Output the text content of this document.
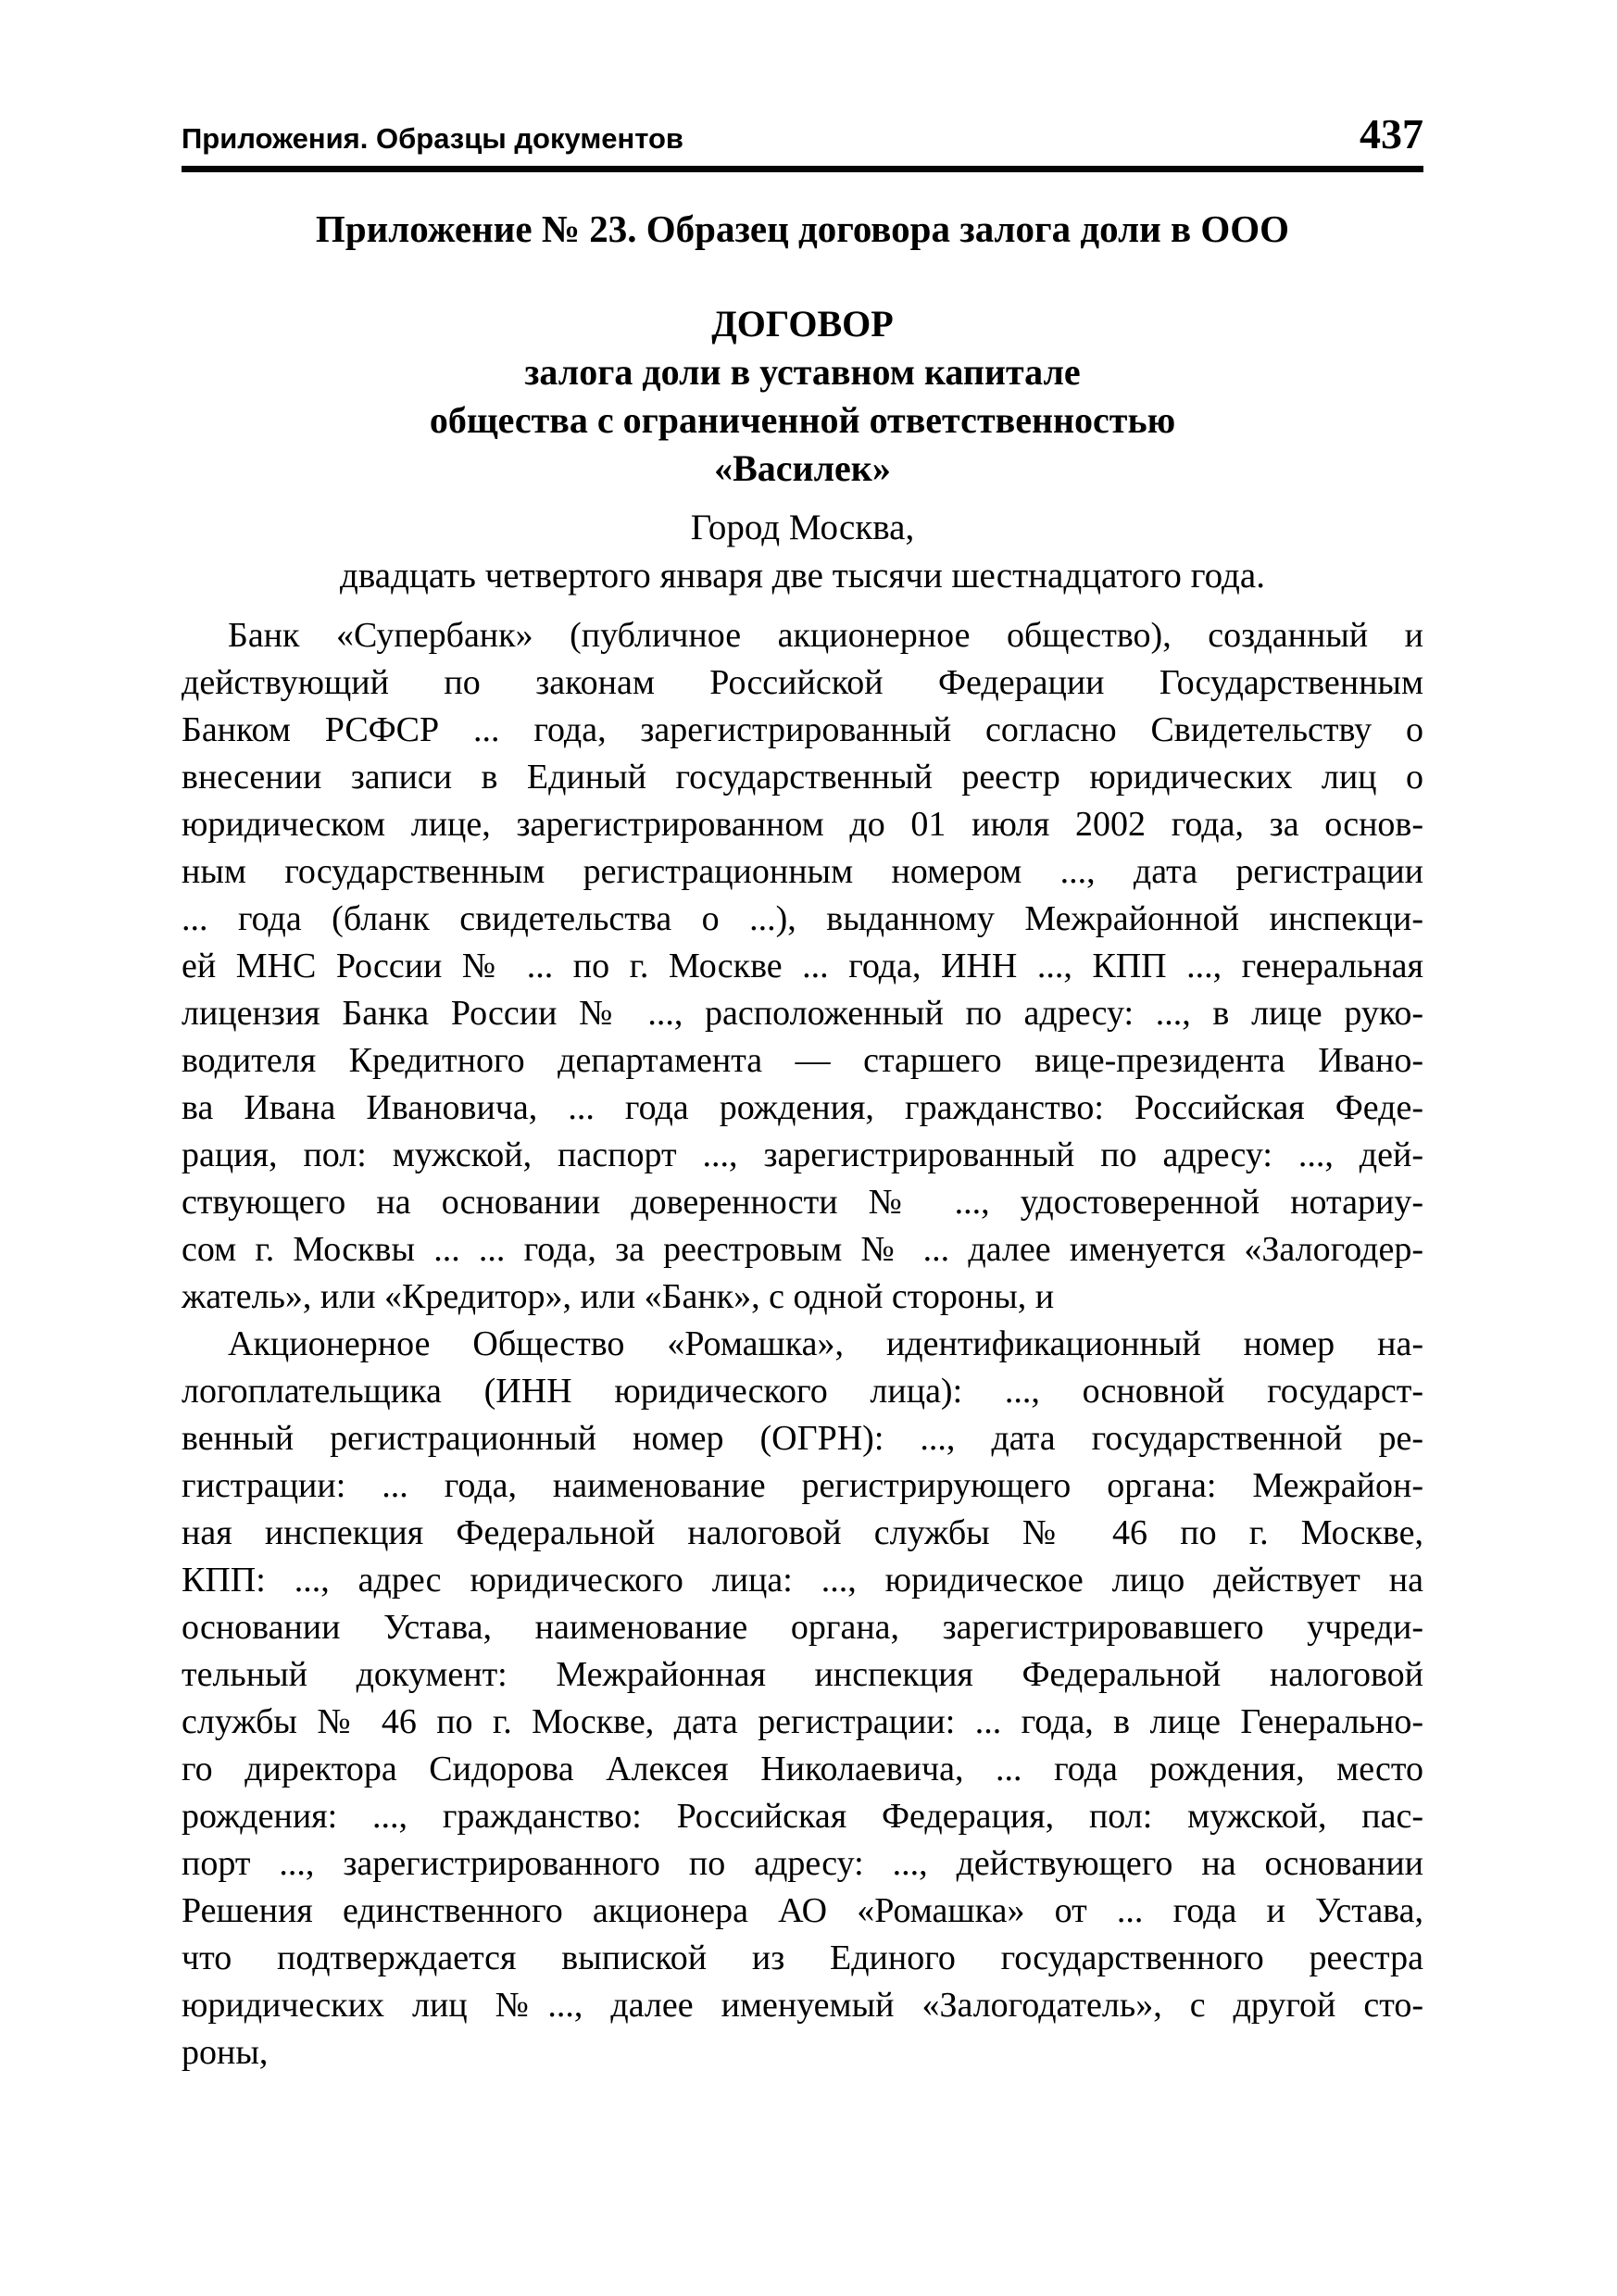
Приложения. Образцы документов	437
Приложение № 23. Образец договора залога доли в ООО
ДОГОВОР
залога доли в уставном капитале
общества с ограниченной ответственностью
«Василек»
Город Москва,
двадцать четвертого января две тысячи шестнадцатого года.
Банк «Супербанк» (публичное акционерное общество), созданный и
действующий по законам Российской Федерации Государственным
Банком РСФСР ... года, зарегистрированный согласно Свидетельству о
внесении записи в Единый государственный реестр юридических лиц о
юридическом лице, зарегистрированном до 01 июля 2002 года, за основ-
ным государственным регистрационным номером ..., дата регистрации
... года (бланк свидетельства о ...), выданному Межрайонной инспекци-
ей МНС России № ... по г. Москве ... года, ИНН ..., КПП ..., генеральная
лицензия Банка России № ..., расположенный по адресу: ..., в лице руко-
водителя Кредитного департамента — старшего вице-президента Ивано-
ва Ивана Ивановича, ... года рождения, гражданство: Российская Феде-
рация, пол: мужской, паспорт ..., зарегистрированный по адресу: ..., дей-
ствующего на основании доверенности № ..., удостоверенной нотариу-
сом г. Москвы ... ... года, за реестровым № ... далее именуется «Залогодер-
жатель», или «Кредитор», или «Банк», с одной стороны, и
Акционерное Общество «Ромашка», идентификационный номер на-
логоплательщика (ИНН юридического лица): ..., основной государст-
венный регистрационный номер (ОГРН): ..., дата государственной ре-
гистрации: ... года, наименование регистрирующего органа: Межрайон-
ная инспекция Федеральной налоговой службы № 46 по г. Москве,
КПП: ..., адрес юридического лица: ..., юридическое лицо действует на
основании Устава, наименование органа, зарегистрировавшего учреди-
тельный документ: Межрайонная инспекция Федеральной налоговой
службы № 46 по г. Москве, дата регистрации: ... года, в лице Генерально-
го директора Сидорова Алексея Николаевича, ... года рождения, место
рождения: ..., гражданство: Российская Федерация, пол: мужской, пас-
порт ..., зарегистрированного по адресу: ..., действующего на основании
Решения единственного акционера АО «Ромашка» от ... года и Устава,
что подтверждается выпиской из Единого государственного реестра
юридических лиц №..., далее именуемый «Залогодатель», с другой сто-
роны,
